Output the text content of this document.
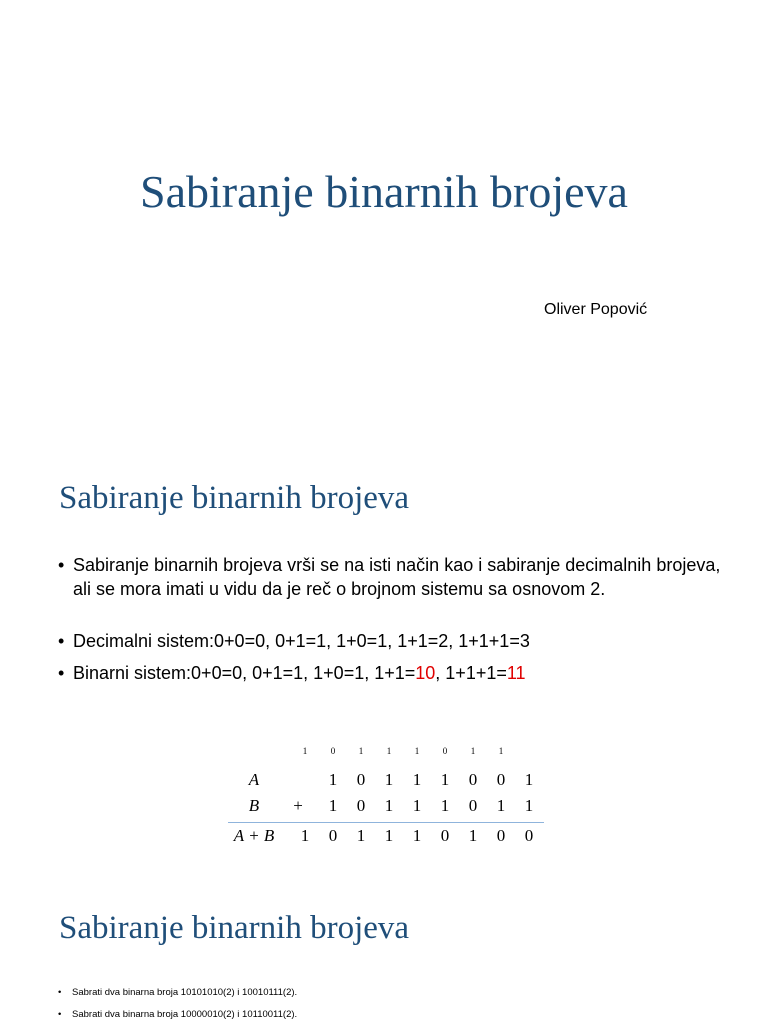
Sabiranje binarnih brojeva

Oliver Popović

Sabiranje binarnih brojeva
• Sabiranje binarnih brojeva vrši se na isti način kao i sabiranje decimalnih brojeva, ali se mora imati u vidu da je reč o brojnom sistemu sa osnovom 2.
• Decimalni sistem:0+0=0, 0+1=1, 1+0=1, 1+1=2, 1+1+1=3
• Binarni sistem:0+0=0, 0+1=1, 1+0=1, 1+1=10, 1+1+1=11
1	0	1	1	1	0	1	1
A	1 0 1 1 1 0 0 1
B	+ 1 0 1 1 1 0 1 1
A + B	1 0 1 1 1 0 1 0 0
Sabiranje binarnih brojeva
• Sabrati dva binarna broja 10101010(2) i 10010111(2).
• Sabrati dva binarna broja 10000010(2) i 10110011(2).
